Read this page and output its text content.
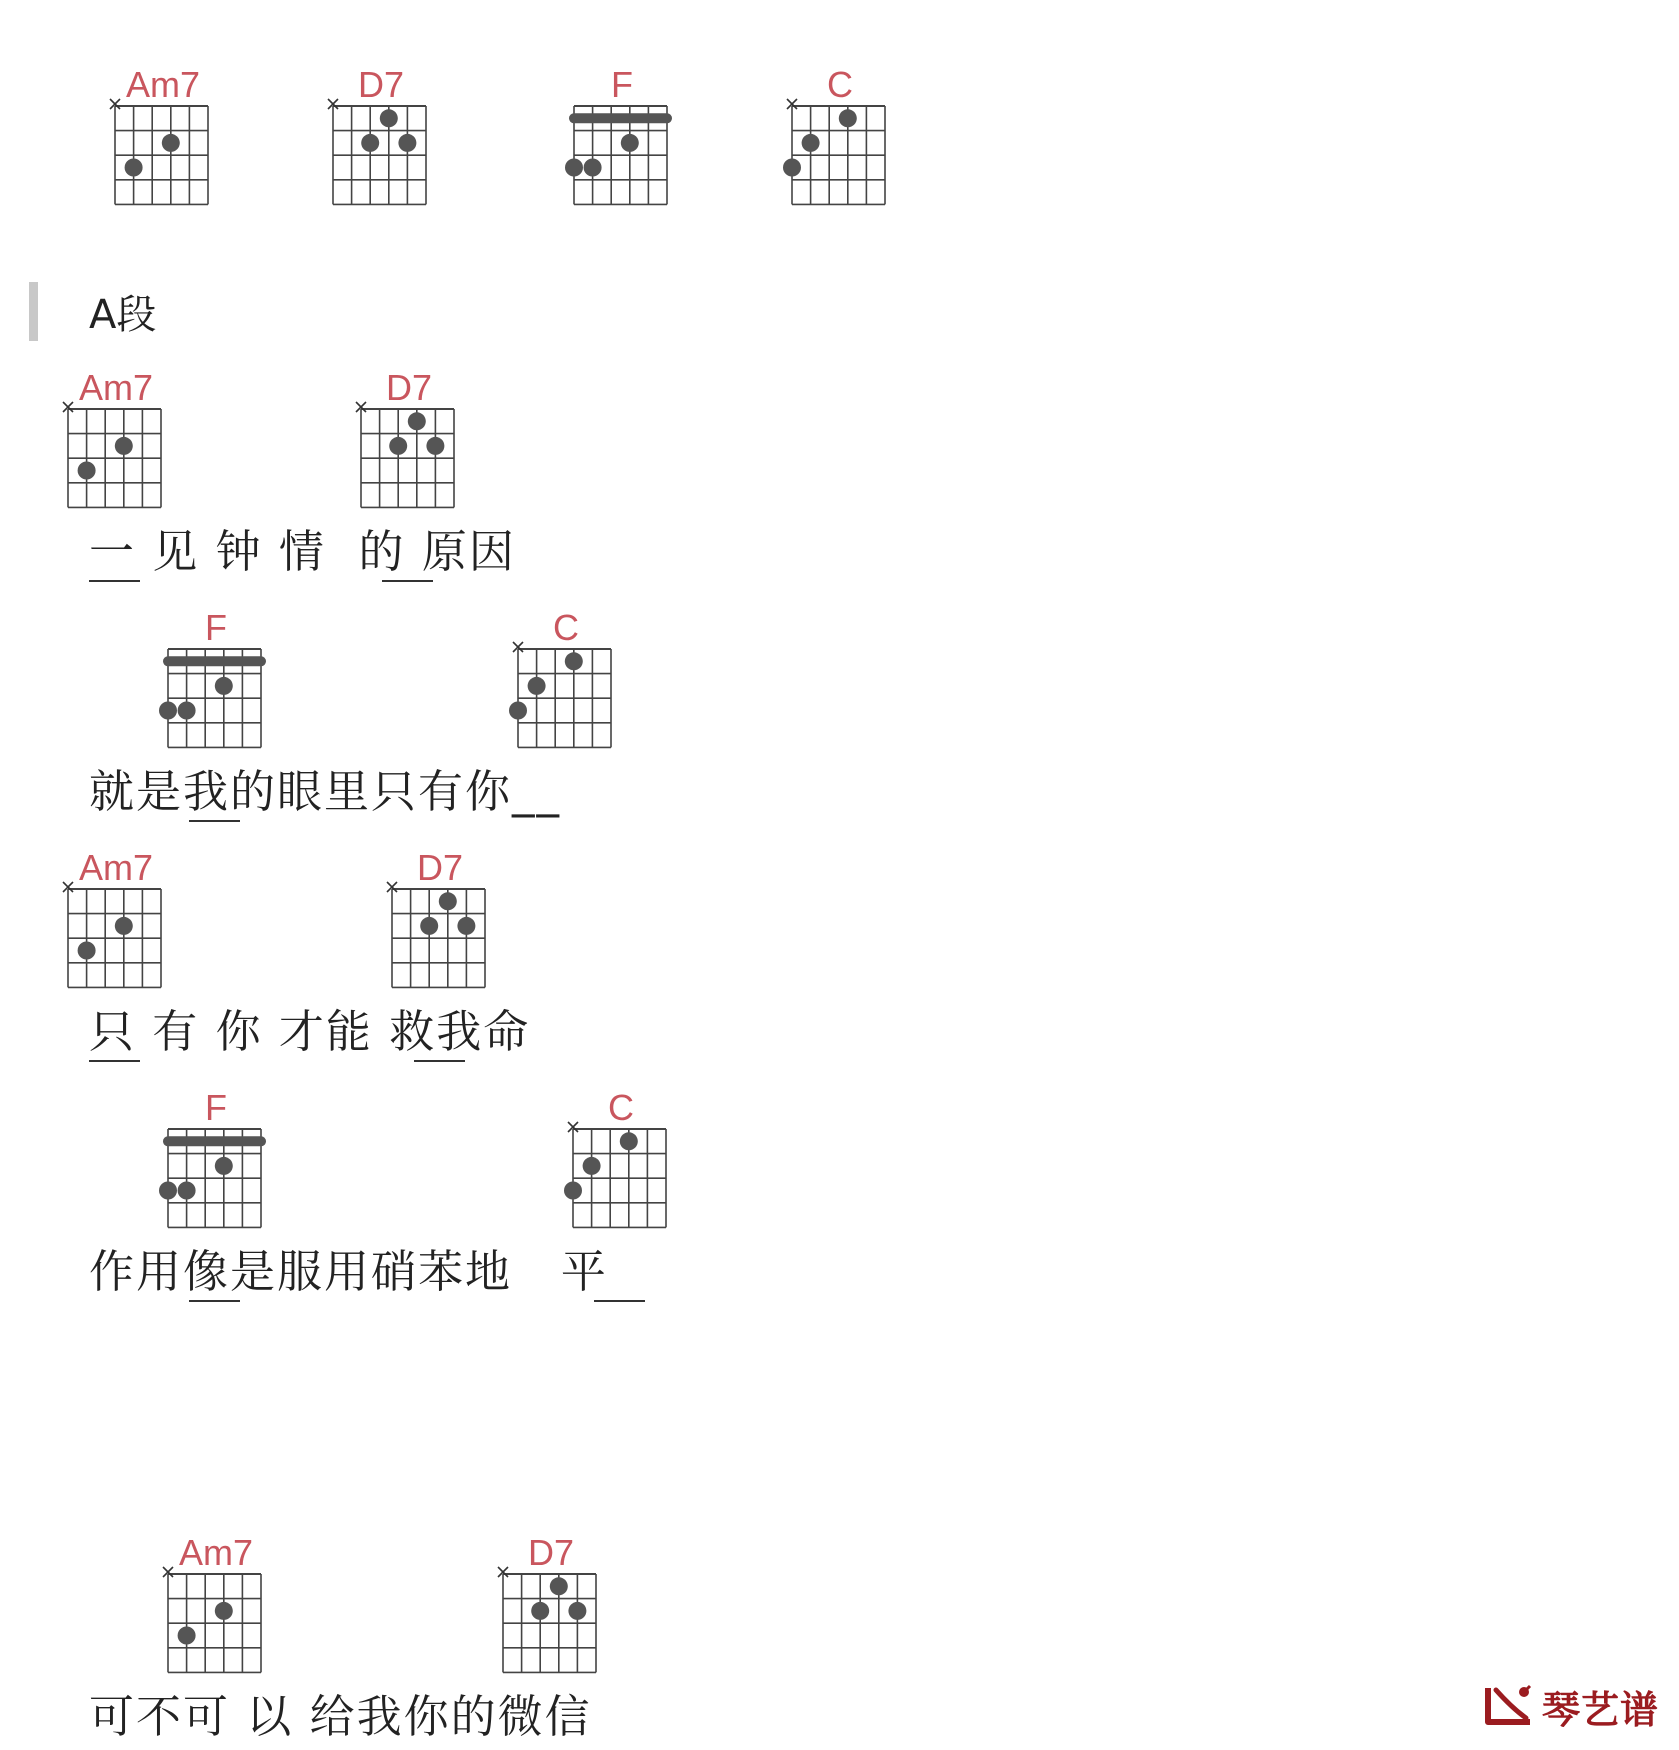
Am7	D7	F	C
A段
Am7	D7
一 见 钟 情  的 原因
F	C
就是我的眼里只有你__
Am7	D7
只 有 你 才能 救我命
F	C
作用像是服用硝苯地   平
Am7	D7
可不可 以 给我你的微信	琴艺谱
